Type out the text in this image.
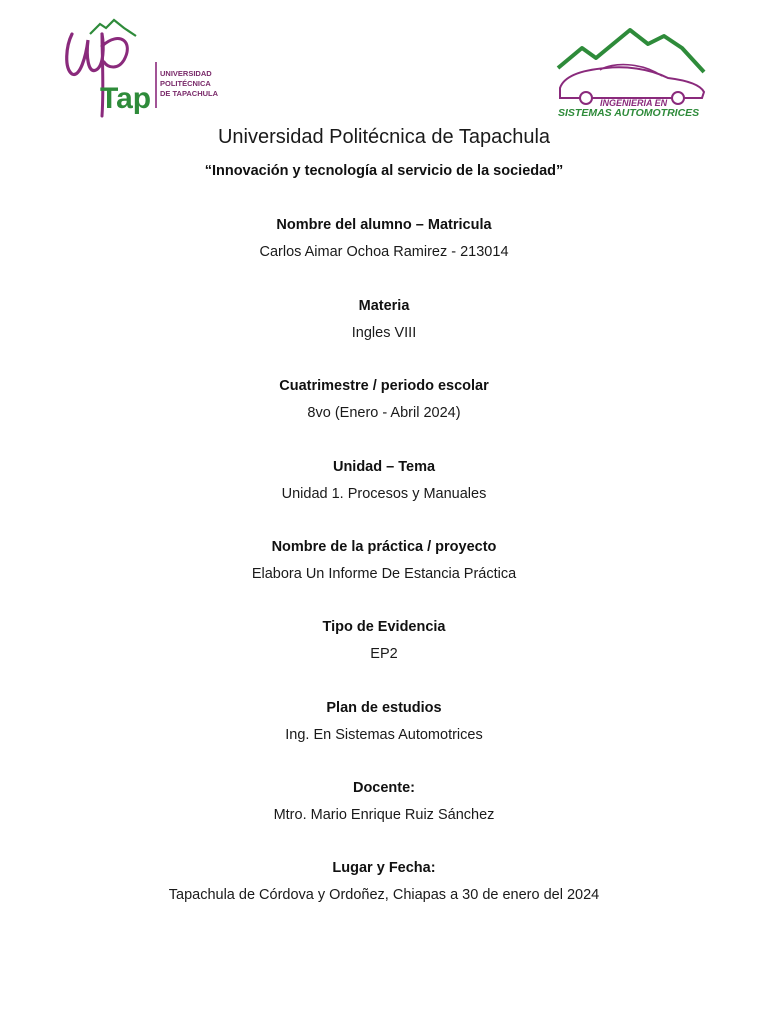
Tap
UNIVERSIDAD
POLITÉCNICA
DE TAPACHULA
INGENIERIA EN
SISTEMAS AUTOMOTRICES
Universidad Politécnica de Tapachula
“Innovación y tecnología al servicio de la sociedad”
Nombre del alumno – Matricula
Carlos Aimar Ochoa Ramirez - 213014
Materia
Ingles VIII
Cuatrimestre / periodo escolar
8vo (Enero - Abril 2024)
Unidad – Tema
Unidad 1. Procesos y Manuales
Nombre de la práctica / proyecto
Elabora Un Informe De Estancia Práctica
Tipo de Evidencia
EP2
Plan de estudios
Ing. En Sistemas Automotrices
Docente:
Mtro. Mario Enrique Ruiz Sánchez
Lugar y Fecha:
Tapachula de Córdova y Ordoñez, Chiapas a 30 de enero del 2024
